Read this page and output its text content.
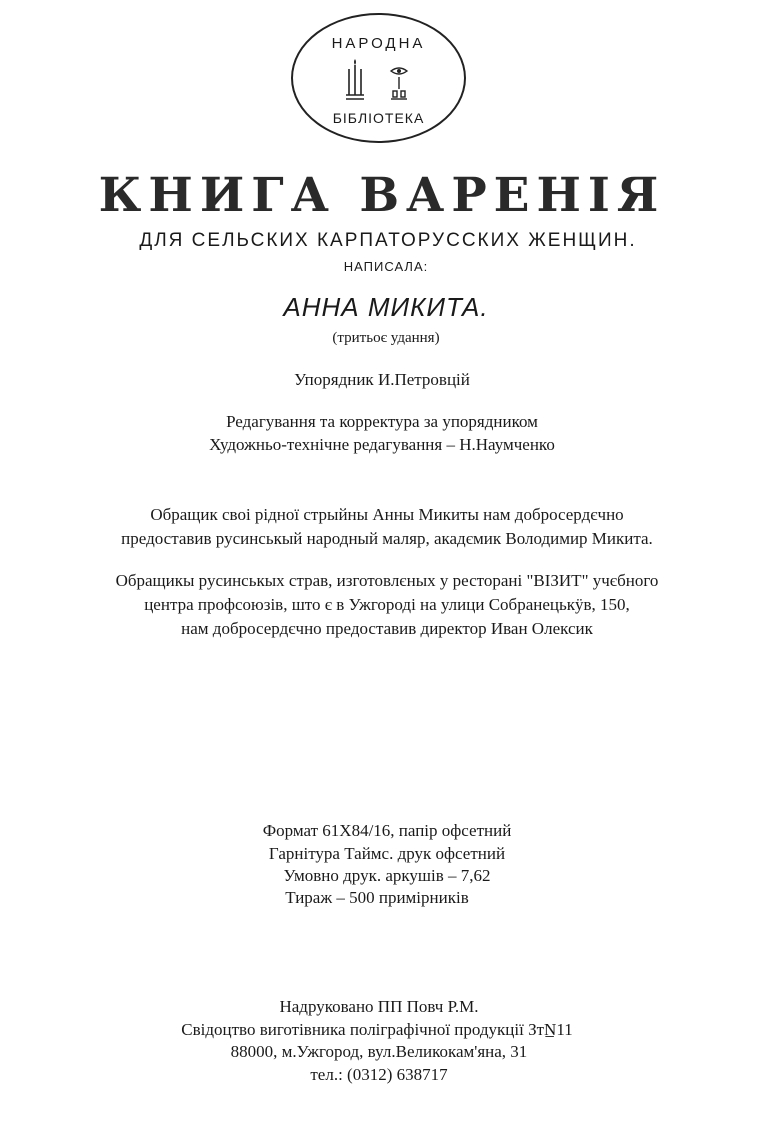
НАРОДНА
БІБЛІОТЕКА
КНИГА ВАРЕНІЯ
ДЛЯ СЕЛЬСКИХ КАРПАТОРУССКИХ ЖЕНЩИН.
НАПИСАЛА:
АННА МИКИТА.
(тритьоє удання)
Упорядник И.Петровцій
Редагування та корректура за упорядником
Художньо-технічне редагування – Н.Наумченко
Обращик своі рідної стрыйны Анны Микиты нам добросердєчно
предоставив русинськый народный маляр, акадємик Володимир Микита.
Обращикы русинськых страв, изготовлєных у ресторані "ВІЗИТ" учєбного
центра профсоюзів, што є в Ужгороді на улици Собранецькӱв, 150,
нам добросердєчно предоставив директор Иван Олексик
Формат 61Х84/16, папір офсетний
Гарнітура Таймс. друк офсетний
Умовно друк. аркушів – 7,62
Тираж – 500 примірників
Надруковано ПП Повч Р.М.
Свідоцтво виготівника поліграфічної продукції ЗтN̲11
88000, м.Ужгород, вул.Великокам'яна, 31
тел.: (0312) 638717
